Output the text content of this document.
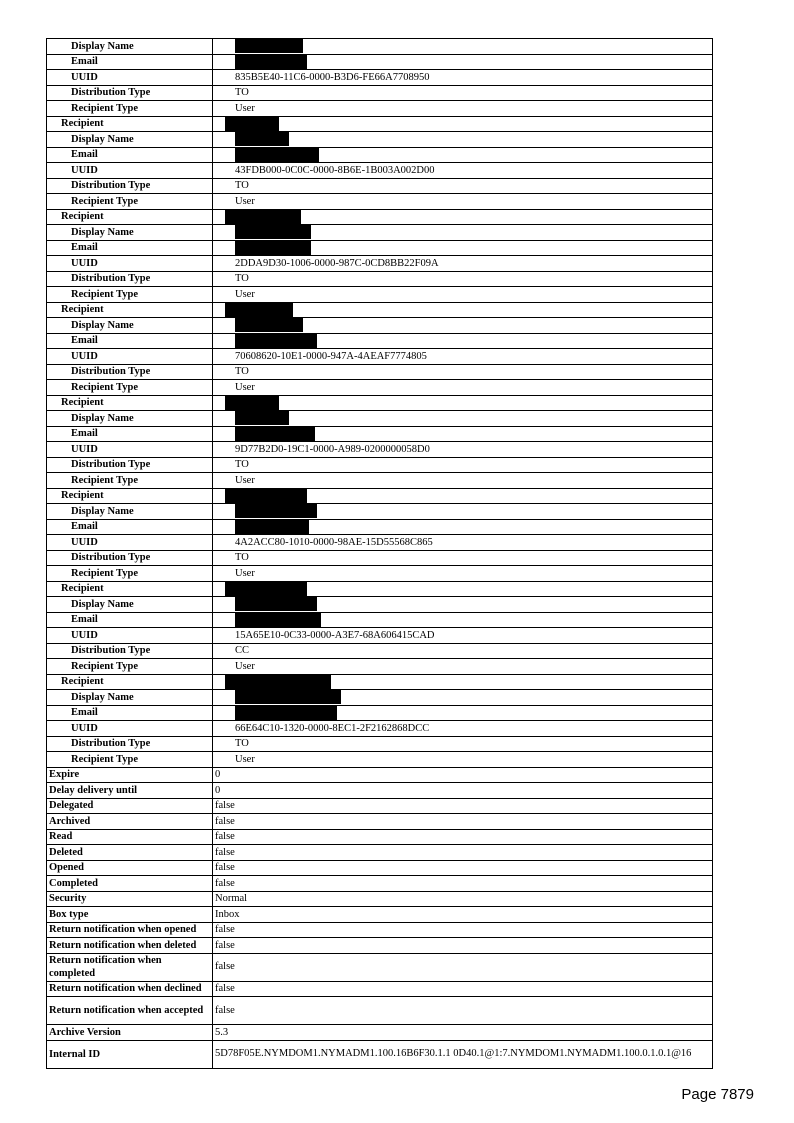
Display Name	
Email	
UUID	835B5E40-11C6-0000-B3D6-FE66A7708950
Distribution Type	TO
Recipient Type	User
Recipient	
Display Name	
Email	
UUID	43FDB000-0C0C-0000-8B6E-1B003A002D00
Distribution Type	TO
Recipient Type	User
Recipient	
Display Name	
Email	
UUID	2DDA9D30-1006-0000-987C-0CD8BB22F09A
Distribution Type	TO
Recipient Type	User
Recipient	
Display Name	
Email	
UUID	70608620-10E1-0000-947A-4AEAF7774805
Distribution Type	TO
Recipient Type	User
Recipient	
Display Name	
Email	
UUID	9D77B2D0-19C1-0000-A989-0200000058D0
Distribution Type	TO
Recipient Type	User
Recipient	
Display Name	
Email	
UUID	4A2ACC80-1010-0000-98AE-15D55568C865
Distribution Type	TO
Recipient Type	User
Recipient	
Display Name	
Email	
UUID	15A65E10-0C33-0000-A3E7-68A606415CAD
Distribution Type	CC
Recipient Type	User
Recipient	
Display Name	
Email	
UUID	66E64C10-1320-0000-8EC1-2F2162868DCC
Distribution Type	TO
Recipient Type	User
Expire	0
Delay delivery until	0
Delegated	false
Archived	false
Read	false
Deleted	false
Opened	false
Completed	false
Security	Normal
Box type	Inbox
Return notification when opened	false
Return notification when deleted	false
Return notification when completed	false
Return notification when declined	false
Return notification when accepted	false
Archive Version	5.3
Internal ID	5D78F05E.NYMDOM1.NYMADM1.100.16B6F30.1.1 0D40.1@1:7.NYMDOM1.NYMADM1.100.0.1.0.1@16
Page 7879
